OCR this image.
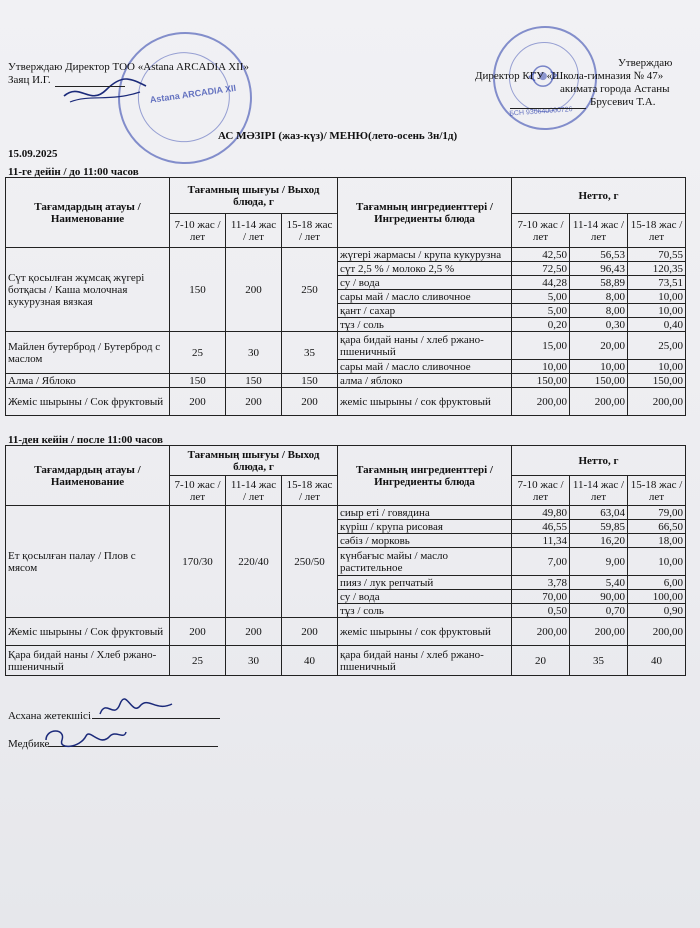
Astana ARCADIA XII
БСН 930640000726
Утверждаю Директор ТОО «Astana ARCADIA XII»
Заяц И.Г.
Утверждаю
Директор КГУ «Школа-гимназия № 47»
акимата города Астаны
Брусевич Т.А.
АС МӘЗІРІ (жаз-күз)/ МЕНЮ(лето-осень 3н/1д)
15.09.2025
11-ге дейін / до 11:00 часов
Тағамдардың атауы / Наименование	Тағамның шығуы / Выход блюда, г			Тағамның ингредиенттері / Ингредиенты блюда	Нетто, г		
	7-10 жас / лет	11-14 жас / лет	15-18 жас / лет		7-10 жас / лет	11-14 жас / лет	15-18 жас / лет
Сүт қосылған жұмсақ жүгері ботқасы / Каша молочная кукурузная вязкая	150	200	250	жүгері жармасы / крупа кукурузна	42,50	56,53	70,55
				сүт 2,5 % / молоко 2,5 %	72,50	96,43	120,35
				су / вода	44,28	58,89	73,51
				сары май / масло сливочное	5,00	8,00	10,00
				қант / сахар	5,00	8,00	10,00
				тұз / соль	0,20	0,30	0,40
Майлен бутерброд / Бутерброд с маслом	25	30	35	қара бидай наны / хлеб ржано-пшеничный	15,00	20,00	25,00
				сары май / масло сливочное	10,00	10,00	10,00
Алма / Яблоко	150	150	150	алма / яблоко	150,00	150,00	150,00
Жеміс шырыны / Сок фруктовый	200	200	200	жеміс шырыны / сок фруктовый	200,00	200,00	200,00
11-ден кейін / после 11:00 часов
Тағамдардың атауы / Наименование	Тағамның шығуы / Выход блюда, г			Тағамның ингредиенттері / Ингредиенты блюда	Нетто, г		
	7-10 жас / лет	11-14 жас / лет	15-18 жас / лет		7-10 жас / лет	11-14 жас / лет	15-18 жас / лет
Ет қосылған палау / Плов с мясом	170/30	220/40	250/50	сиыр еті / говядина	49,80	63,04	79,00
				күріш / крупа рисовая	46,55	59,85	66,50
				сәбіз / морковь	11,34	16,20	18,00
				күнбағыс майы / масло растительное	7,00	9,00	10,00
				пияз / лук репчатый	3,78	5,40	6,00
				су / вода	70,00	90,00	100,00
				тұз / соль	0,50	0,70	0,90
Жеміс шырыны / Сок фруктовый	200	200	200	жеміс шырыны / сок фруктовый	200,00	200,00	200,00
Қара бидай наны / Хлеб ржано-пшеничный	25	30	40	қара бидай наны / хлеб ржано-пшеничный	20	35	40
Асхана жетекшісі
Медбике
